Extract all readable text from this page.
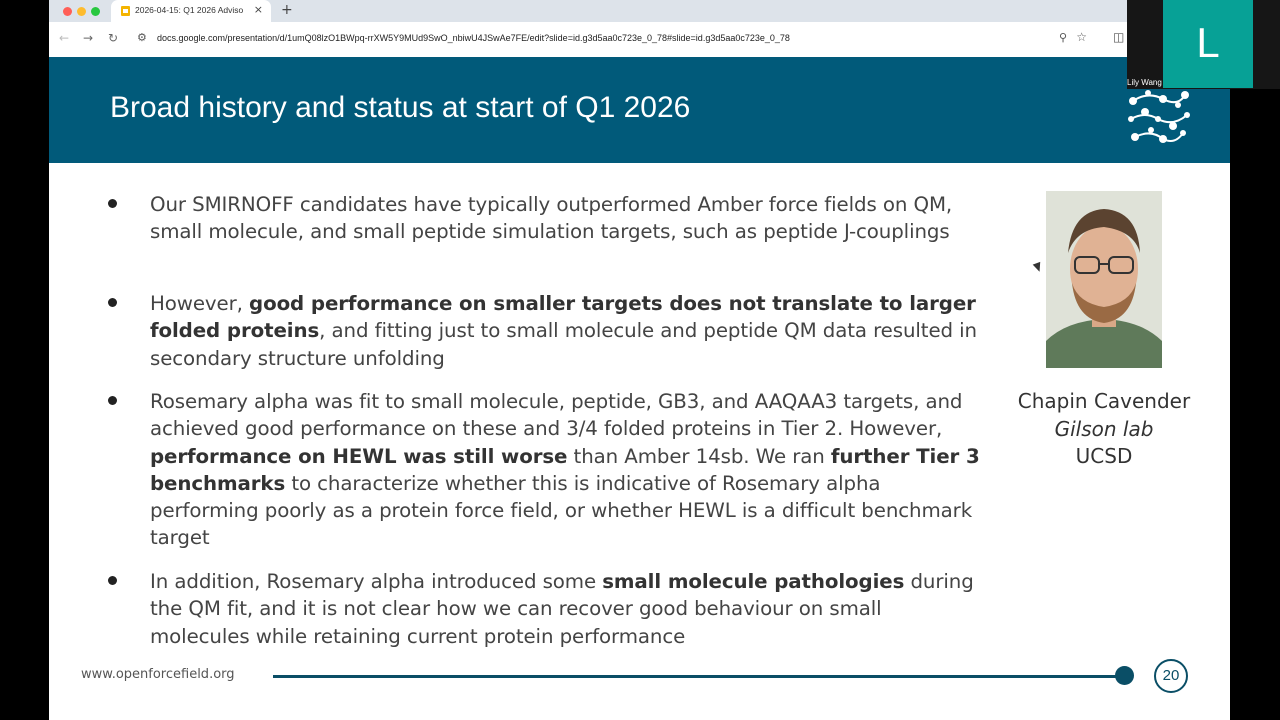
2026-04-15: Q1 2026 Adviso × +
← → ↻ ⚙ docs.google.com/presentation/d/1umQ08lzO1BWpq-rrXW5Y9MUd9SwO_nbiwU4JSwAe7FE/edit?slide=id.g3d5aa0c723e_0_78#slide=id.g3d5aa0c723e_0_78	⚲ ☆ ◫
Broad history and status at start of Q1 2026
Our SMIRNOFF candidates have typically outperformed Amber force fields on QM, small molecule, and small peptide simulation targets, such as peptide J-couplings
However, good performance on smaller targets does not translate to larger folded proteins, and fitting just to small molecule and peptide QM data resulted in secondary structure unfolding
Rosemary alpha was fit to small molecule, peptide, GB3, and AAQAA3 targets, and achieved good performance on these and 3/4 folded proteins in Tier 2. However, performance on HEWL was still worse than Amber 14sb. We ran further Tier 3 benchmarks to characterize whether this is indicative of Rosemary alpha performing poorly as a protein force field, or whether HEWL is a difficult benchmark target
In addition, Rosemary alpha introduced some small molecule pathologies during the QM fit, and it is not clear how we can recover good behaviour on small molecules while retaining current protein performance
Chapin Cavender

Gilson lab
UCSD
www.openforcefield.org	20
L
Lily Wang
